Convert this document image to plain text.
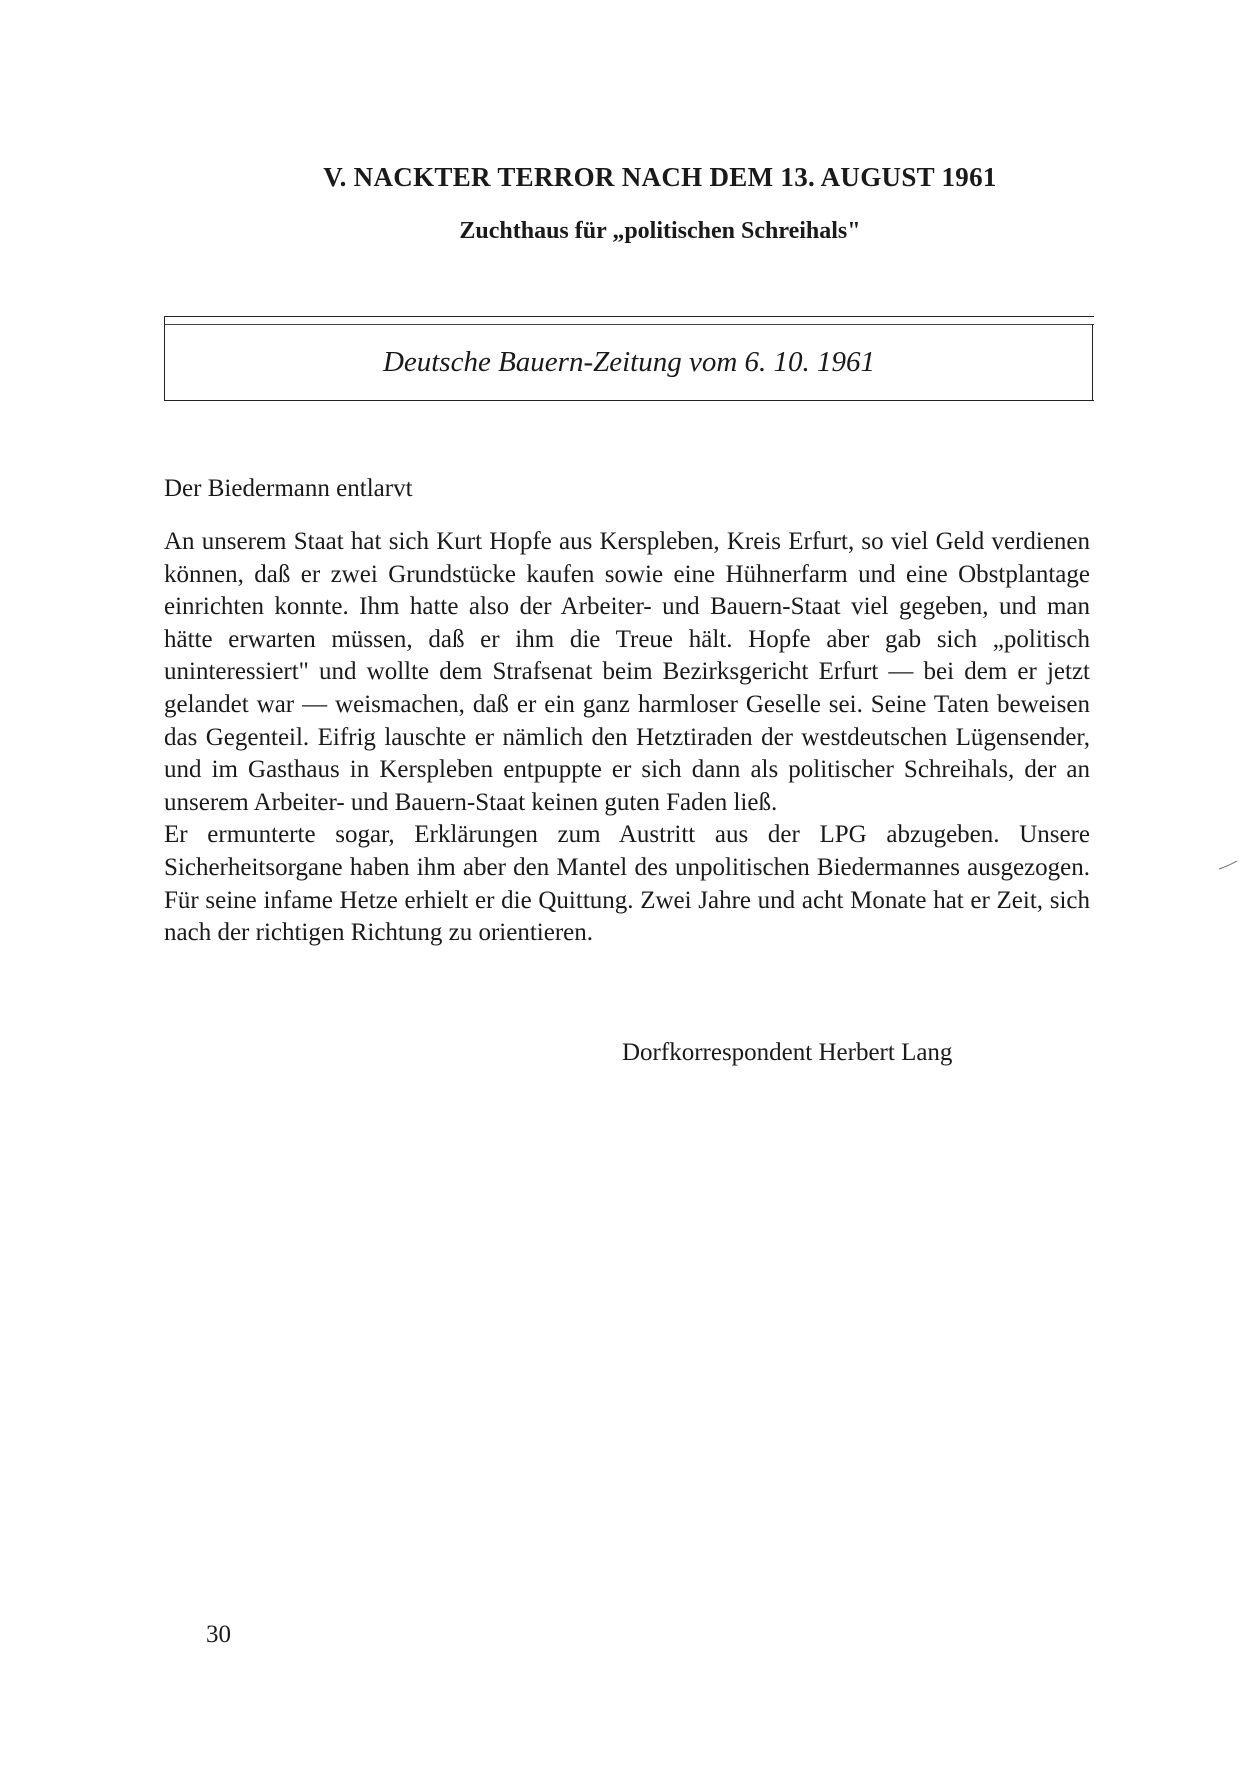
V. NACKTER TERROR NACH DEM 13. AUGUST 1961
Zuchthaus für „politischen Schreihals"

Deutsche Bauern-Zeitung vom 6. 10. 1961

Der Biedermann entlarvt

An unserem Staat hat sich Kurt Hopfe aus Kerspleben, Kreis Erfurt, so viel Geld verdienen können, daß er zwei Grundstücke kaufen sowie eine Hühnerfarm und eine Obstplantage einrichten konnte. Ihm hatte also der Arbeiter- und Bauern-Staat viel gegeben, und man hätte erwarten müssen, daß er ihm die Treue hält. Hopfe aber gab sich „politisch uninteressiert" und wollte dem Strafsenat beim Bezirksgericht Erfurt — bei dem er jetzt gelandet war — weismachen, daß er ein ganz harmloser Geselle sei. Seine Taten beweisen das Gegenteil. Eifrig lauschte er nämlich den Hetztiraden der westdeutschen Lügensender, und im Gasthaus in Kerspleben entpuppte er sich dann als politischer Schreihals, der an unserem Arbeiter- und Bauern-Staat keinen guten Faden ließ.

Er ermunterte sogar, Erklärungen zum Austritt aus der LPG abzugeben. Unsere Sicherheitsorgane haben ihm aber den Mantel des unpolitischen Biedermannes ausgezogen. Für seine infame Hetze erhielt er die Quittung. Zwei Jahre und acht Monate hat er Zeit, sich nach der richtigen Richtung zu orientieren.

Dorfkorrespondent Herbert Lang

30
